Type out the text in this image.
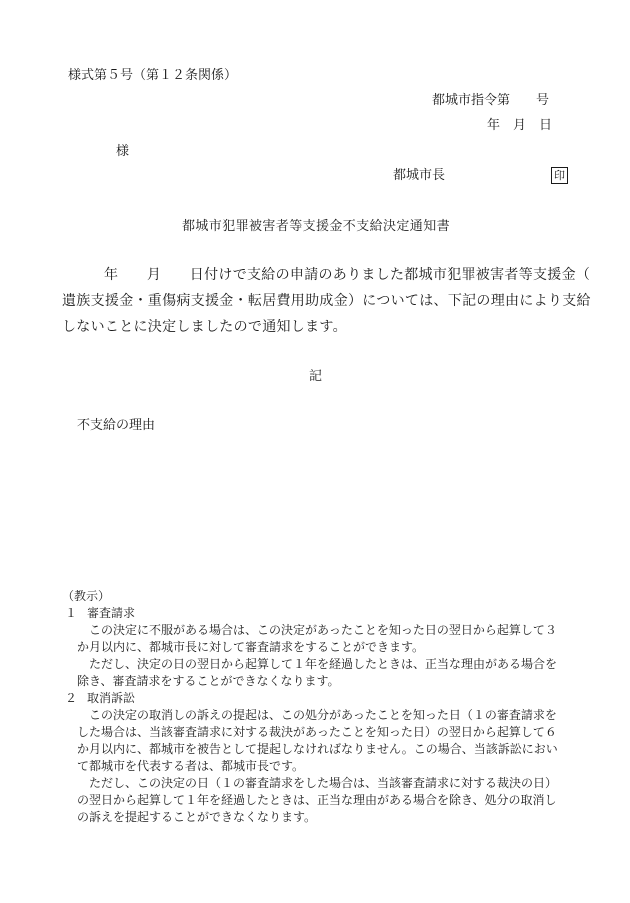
様式第５号（第１２条関係）
都城市指令第　　号
年　月　日
様
都城市長	印
都城市犯罪被害者等支援金不支給決定通知書
年　　月　　日付けで支給の申請のありました都城市犯罪被害者等支援金（
遺族支援金・重傷病支援金・転居費用助成金）については、下記の理由により支給
しないことに決定しましたので通知します。
記
不支給の理由
（教示）
１ 審査請求
この決定に不服がある場合は、この決定があったことを知った日の翌日から起算して３
か月以内に、都城市長に対して審査請求をすることができます。
ただし、決定の日の翌日から起算して１年を経過したときは、正当な理由がある場合を
除き、審査請求をすることができなくなります。
２ 取消訴訟
この決定の取消しの訴えの提起は、この処分があったことを知った日（１の審査請求を
した場合は、当該審査請求に対する裁決があったことを知った日）の翌日から起算して６
か月以内に、都城市を被告として提起しなければなりません。この場合、当該訴訟におい
て都城市を代表する者は、都城市長です。
ただし、この決定の日（１の審査請求をした場合は、当該審査請求に対する裁決の日）
の翌日から起算して１年を経過したときは、正当な理由がある場合を除き、処分の取消し
の訴えを提起することができなくなります。
